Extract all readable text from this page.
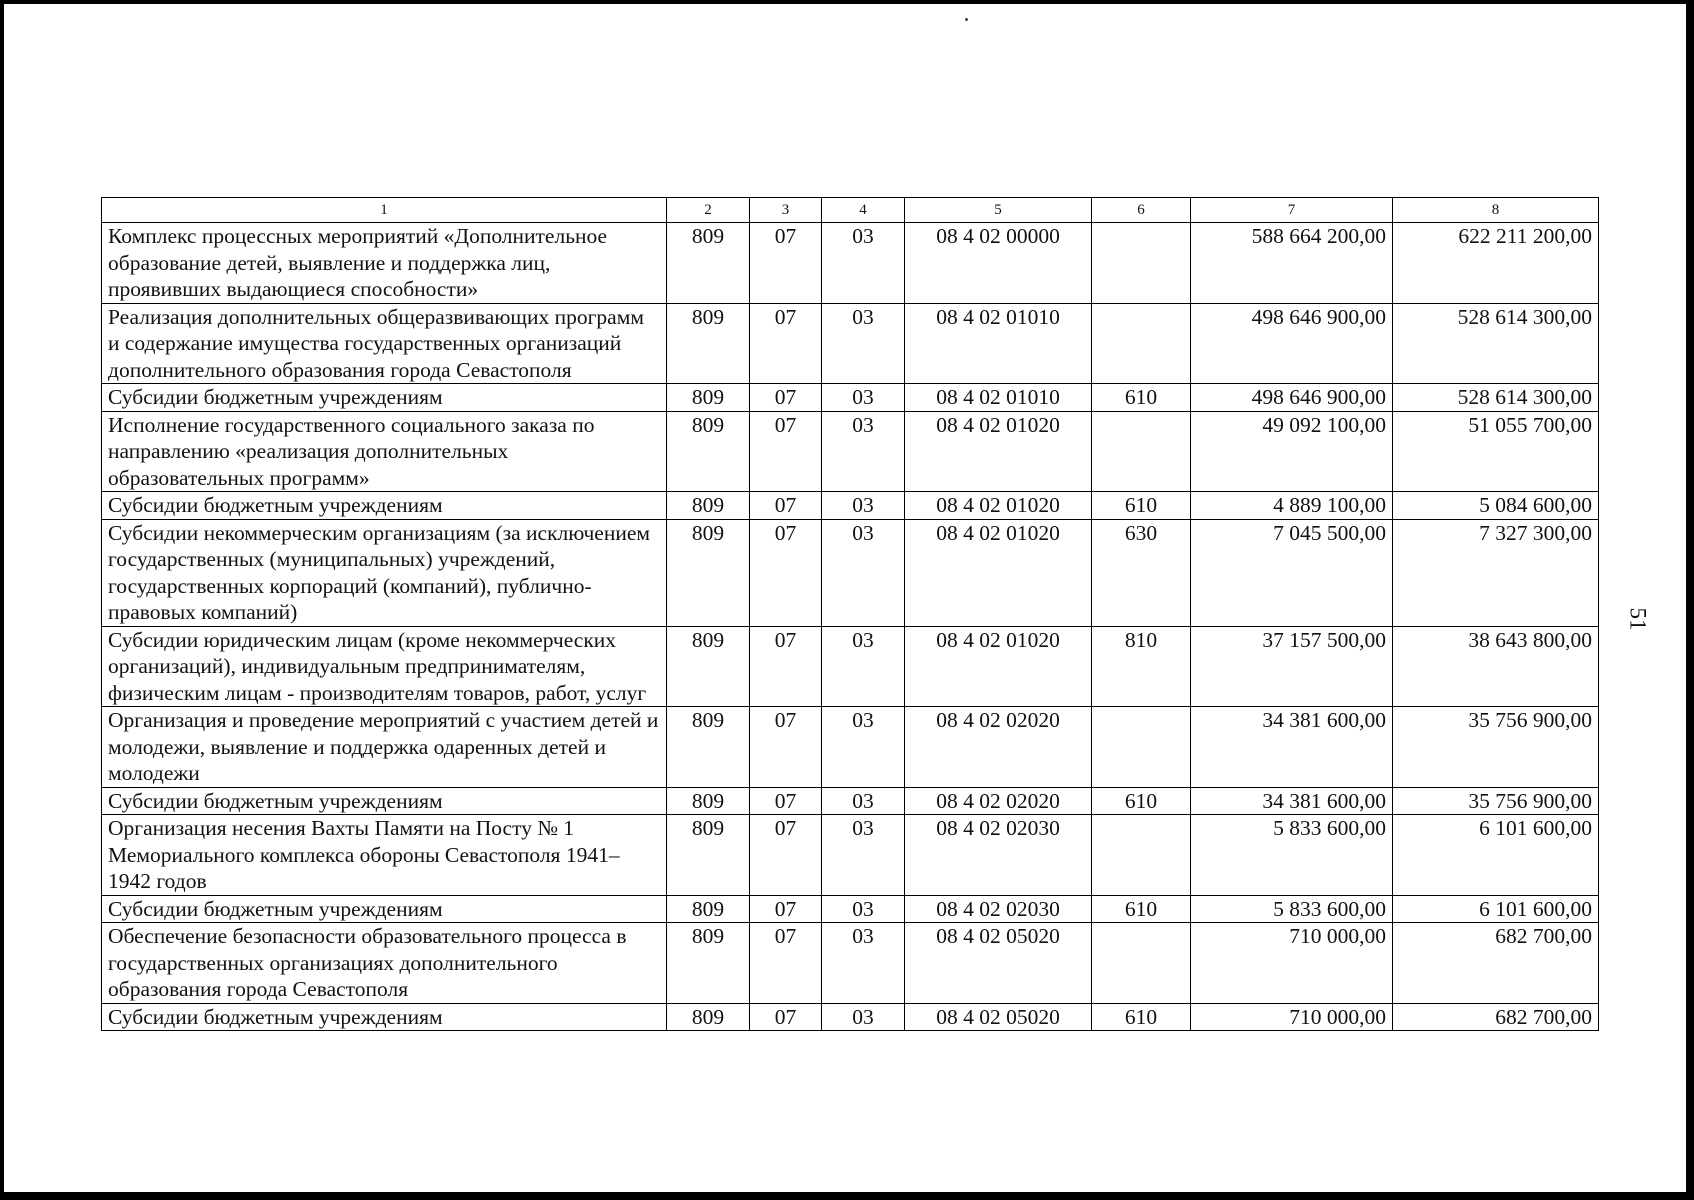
51
1	2	3	4	5	6	7	8
Комплекс процессных мероприятий «Дополнительное образование детей, выявление и поддержка лиц, проявивших выдающиеся способности»	809	07	03	08 4 02 00000		588 664 200,00	622 211 200,00
Реализация дополнительных общеразвивающих программ и содержание имущества государственных организаций дополнительного образования города Севастополя	809	07	03	08 4 02 01010		498 646 900,00	528 614 300,00
Субсидии бюджетным учреждениям	809	07	03	08 4 02 01010	610	498 646 900,00	528 614 300,00
Исполнение государственного социального заказа по направлению «реализация дополнительных образовательных программ»	809	07	03	08 4 02 01020		49 092 100,00	51 055 700,00
Субсидии бюджетным учреждениям	809	07	03	08 4 02 01020	610	4 889 100,00	5 084 600,00
Субсидии некоммерческим организациям (за исключением государственных (муниципальных) учреждений, государственных корпораций (компаний), публично-правовых компаний)	809	07	03	08 4 02 01020	630	7 045 500,00	7 327 300,00
Субсидии юридическим лицам (кроме некоммерческих организаций), индивидуальным предпринимателям, физическим лицам - производителям товаров, работ, услуг	809	07	03	08 4 02 01020	810	37 157 500,00	38 643 800,00
Организация и проведение мероприятий с участием детей и молодежи, выявление и поддержка одаренных детей и молодежи	809	07	03	08 4 02 02020		34 381 600,00	35 756 900,00
Субсидии бюджетным учреждениям	809	07	03	08 4 02 02020	610	34 381 600,00	35 756 900,00
Организация несения Вахты Памяти на Посту № 1 Мемориального комплекса обороны Севастополя 1941–1942 годов	809	07	03	08 4 02 02030		5 833 600,00	6 101 600,00
Субсидии бюджетным учреждениям	809	07	03	08 4 02 02030	610	5 833 600,00	6 101 600,00
Обеспечение безопасности образовательного процесса в государственных организациях дополнительного образования города Севастополя	809	07	03	08 4 02 05020		710 000,00	682 700,00
Субсидии бюджетным учреждениям	809	07	03	08 4 02 05020	610	710 000,00	682 700,00
